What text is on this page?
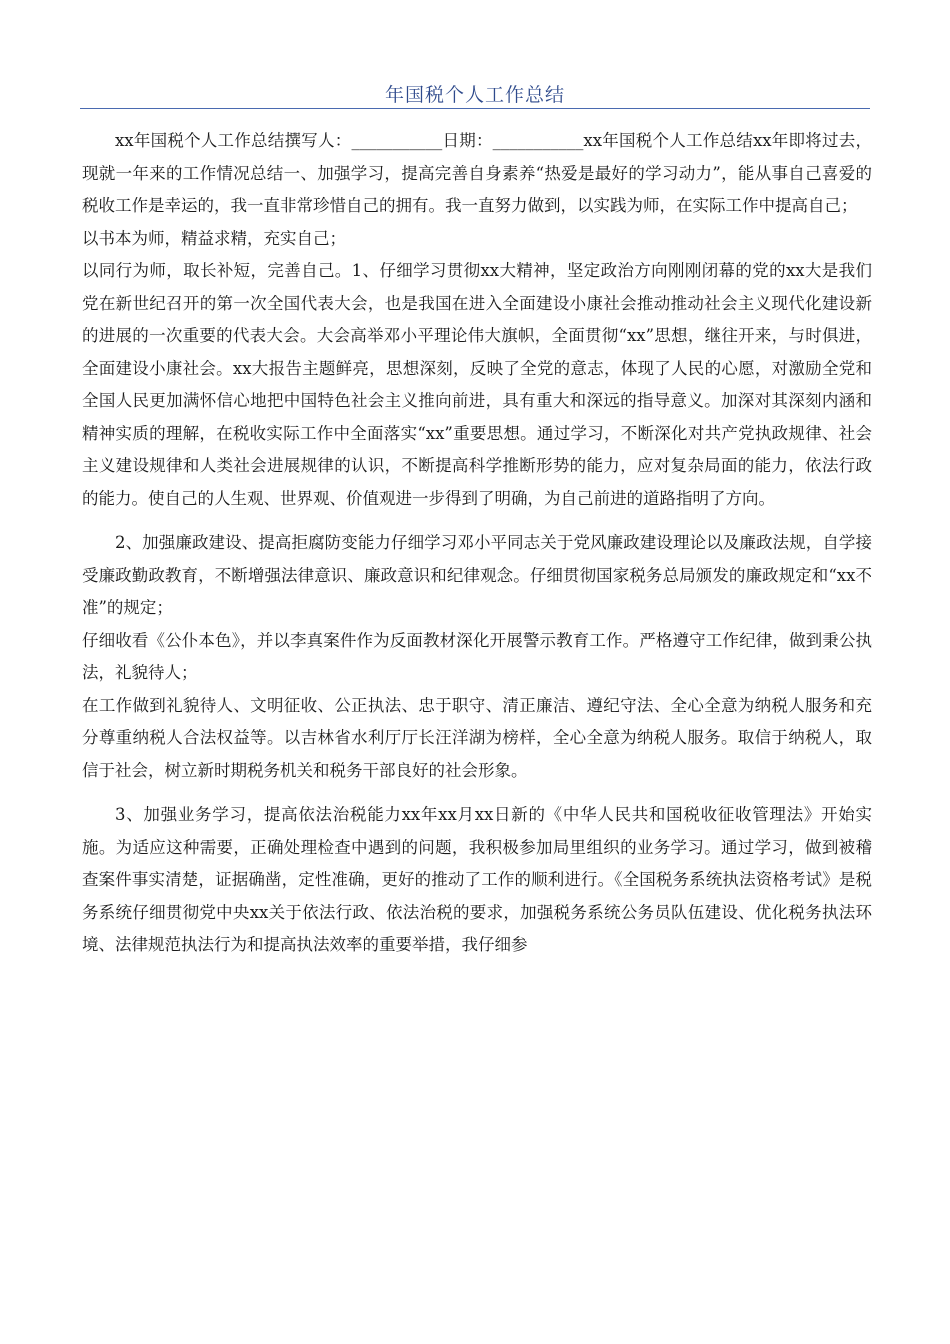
年国税个人工作总结

xx年国税个人工作总结撰写人：___________日期：___________xx年国税个人工作总结xx年即将过去，现就一年来的工作情况总结一、加强学习，提高完善自身素养“热爱是最好的学习动力”，能从事自己喜爱的税收工作是幸运的，我一直非常珍惜自己的拥有。我一直努力做到，以实践为师，在实际工作中提高自己；

以书本为师，精益求精，充实自己；

以同行为师，取长补短，完善自己。1、仔细学习贯彻xx大精神，坚定政治方向刚刚闭幕的党的xx大是我们党在新世纪召开的第一次全国代表大会，也是我国在进入全面建设小康社会推动推动社会主义现代化建设新的进展的一次重要的代表大会。大会高举邓小平理论伟大旗帜，全面贯彻“xx”思想，继往开来，与时俱进，全面建设小康社会。xx大报告主题鲜亮，思想深刻，反映了全党的意志，体现了人民的心愿，对激励全党和全国人民更加满怀信心地把中国特色社会主义推向前进，具有重大和深远的指导意义。加深对其深刻内涵和精神实质的理解，在税收实际工作中全面落实“xx”重要思想。通过学习，不断深化对共产党执政规律、社会主义建设规律和人类社会进展规律的认识，不断提高科学推断形势的能力，应对复杂局面的能力，依法行政的能力。使自己的人生观、世界观、价值观进一步得到了明确，为自己前进的道路指明了方向。

2、加强廉政建设、提高拒腐防变能力仔细学习邓小平同志关于党风廉政建设理论以及廉政法规，自学接受廉政勤政教育，不断增强法律意识、廉政意识和纪律观念。仔细贯彻国家税务总局颁发的廉政规定和“xx不准”的规定；

仔细收看《公仆本色》，并以李真案件作为反面教材深化开展警示教育工作。严格遵守工作纪律，做到秉公执法，礼貌待人；

在工作做到礼貌待人、文明征收、公正执法、忠于职守、清正廉洁、遵纪守法、全心全意为纳税人服务和充分尊重纳税人合法权益等。以吉林省水利厅厅长汪洋湖为榜样，全心全意为纳税人服务。取信于纳税人，取信于社会，树立新时期税务机关和税务干部良好的社会形象。

3、加强业务学习，提高依法治税能力xx年xx月xx日新的《中华人民共和国税收征收管理法》开始实施。为适应这种需要，正确处理检查中遇到的问题，我积极参加局里组织的业务学习。通过学习，做到被稽查案件事实清楚，证据确凿，定性准确，更好的推动了工作的顺利进行。《全国税务系统执法资格考试》是税务系统仔细贯彻党中央xx关于依法行政、依法治税的要求，加强税务系统公务员队伍建设、优化税务执法环境、法律规范执法行为和提高执法效率的重要举措，我仔细参
